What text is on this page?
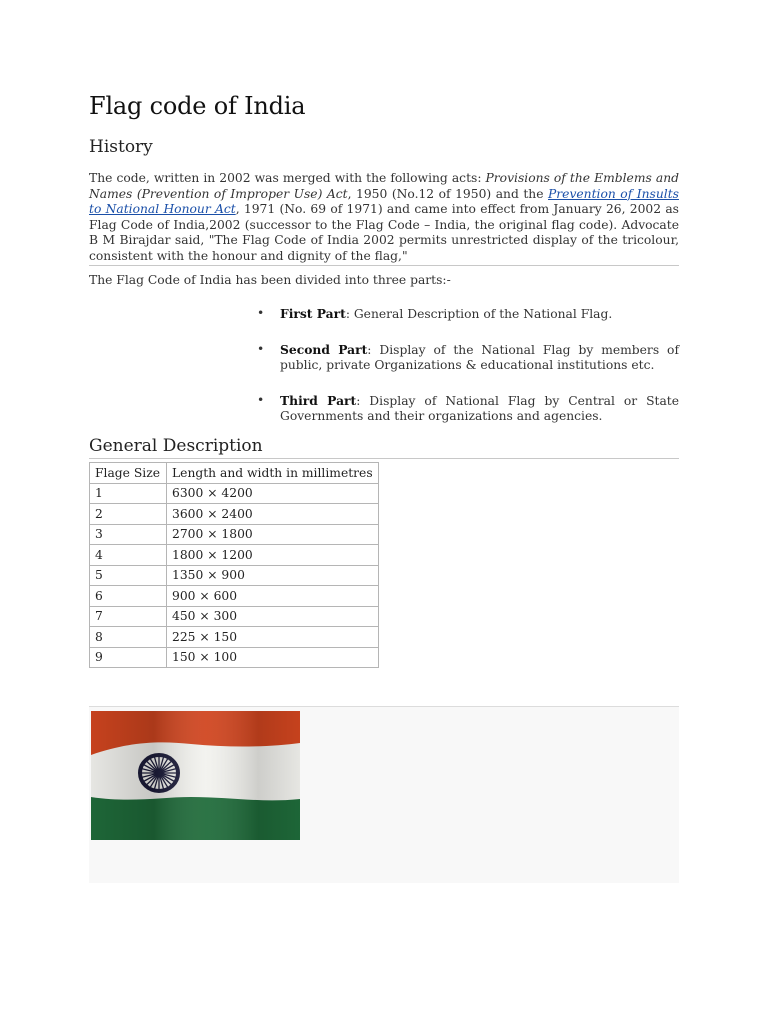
Flag code of India
History
The code, written in 2002 was merged with the following acts: Provisions of the Emblems and Names (Prevention of Improper Use) Act, 1950 (No.12 of 1950) and the Prevention of Insults to National Honour Act, 1971 (No. 69 of 1971) and came into effect from January 26, 2002 as Flag Code of India,2002 (successor to the Flag Code – India, the original flag code). Advocate B M Birajdar said, "The Flag Code of India 2002 permits unrestricted display of the tricolour, consistent with the honour and dignity of the flag,"
The Flag Code of India has been divided into three parts:-
• First Part: General Description of the National Flag.
• Second Part: Display of the National Flag by members of public, private Organizations & educational institutions etc.
• Third Part: Display of National Flag by Central or State Governments and their organizations and agencies.
General Description
Flage Size	Length and width in millimetres
1	6300 × 4200
2	3600 × 2400
3	2700 × 1800
4	1800 × 1200
5	1350 × 900
6	900 × 600
7	450 × 300
8	225 × 150
9	150 × 100
